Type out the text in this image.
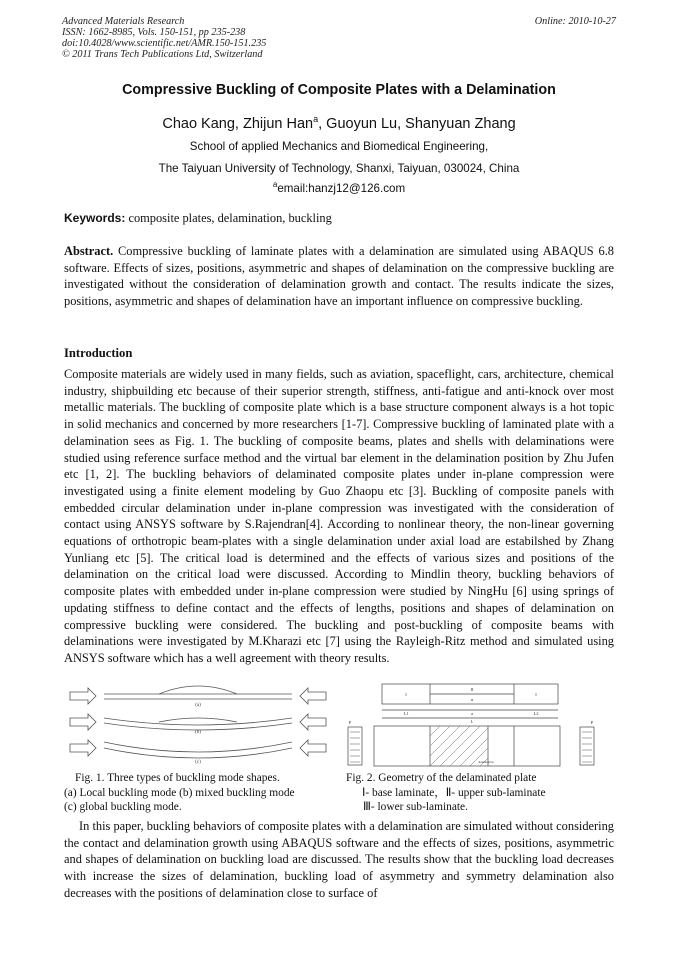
Advanced Materials Research
ISSN: 1662-8985, Vols. 150-151, pp 235-238
doi:10.4028/www.scientific.net/AMR.150-151.235
© 2011 Trans Tech Publications Ltd, Switzerland
Online: 2010-10-27
Compressive Buckling of Composite Plates with a Delamination
Chao Kang, Zhijun Han$^a$, Guoyun Lu, Shanyuan Zhang
School of applied Mechanics and Biomedical Engineering,
The Taiyuan University of Technology, Shanxi, Taiyuan, 030024, China
$^a$email:hanzj12@126.com
Keywords: composite plates, delamination, buckling
Abstract. Compressive buckling of laminate plates with a delamination are simulated using ABAQUS 6.8 software. Effects of sizes, positions, asymmetric and shapes of delamination on the compressive buckling are investigated without the consideration of delamination growth and contact. The results indicate the sizes, positions, asymmetric and shapes of delamination have an important influence on compressive buckling.
Introduction
Composite materials are widely used in many fields, such as aviation, spaceflight, cars, architecture, chemical industry, shipbuilding etc because of their superior strength, stiffness, anti-fatigue and anti-knock over most metallic materials. The buckling of composite plate which is a base structure component always is a hot topic in solid mechanics and concerned by more researchers [1-7]. Compressive buckling of laminated plate with a delamination sees as Fig. 1. The buckling of composite beams, plates and shells with delaminations were studied using reference surface method and the virtual bar element in the delamination position by Zhu Jufen etc [1, 2]. The buckling behaviors of delaminated composite plates under in-plane compression were investigated using a finite element modeling by Guo Zhaopu etc [3]. Buckling of composite panels with embedded circular delamination under in-plane compression was investigated with the consideration of contact using ANSYS software by S.Rajendran[4]. According to nonlinear theory, the non-linear governing equations of orthotropic beam-plates with a single delamination under axial load are estabilshed by Zhang Yunliang etc [5]. The critical load is determined and the effects of various sizes and positions of the delamination on the critical load were discussed. According to Mindlin theory, buckling behaviors of composite plates with embedded under in-plane compression were studied by NingHu [6] using springs of updating stiffness to define contact and the effects of lengths, positions and shapes of delamination on compressive buckling were considered. The buckling and post-buckling of composite beams with delaminations were investigated by M.Kharazi etc [7] using the Rayleigh-Ritz method and simulated using ANSYS software which has a well agreement with theory results.
(a)
(b)
(c)
I
II
α
I
L1	a	L2
L
P	P
delamination
Fig. 1. Three types of buckling mode shapes.
(a) Local buckling mode (b) mixed buckling mode
(c) global buckling mode.
Fig. 2. Geometry of the delaminated plate
Ⅰ- base laminate，Ⅱ- upper sub-laminate
Ⅲ- lower sub-laminate.
In this paper, buckling behaviors of composite plates with a delamination are simulated without considering the contact and delamination growth using ABAQUS software and the effects of sizes, positions, asymmetric and shapes of delamination on buckling load are discussed. The results show that the buckling load decreases with increase the sizes of delamination, buckling load of asymmetry and symmetry delamination also decreases with the positions of delamination close to surface of
